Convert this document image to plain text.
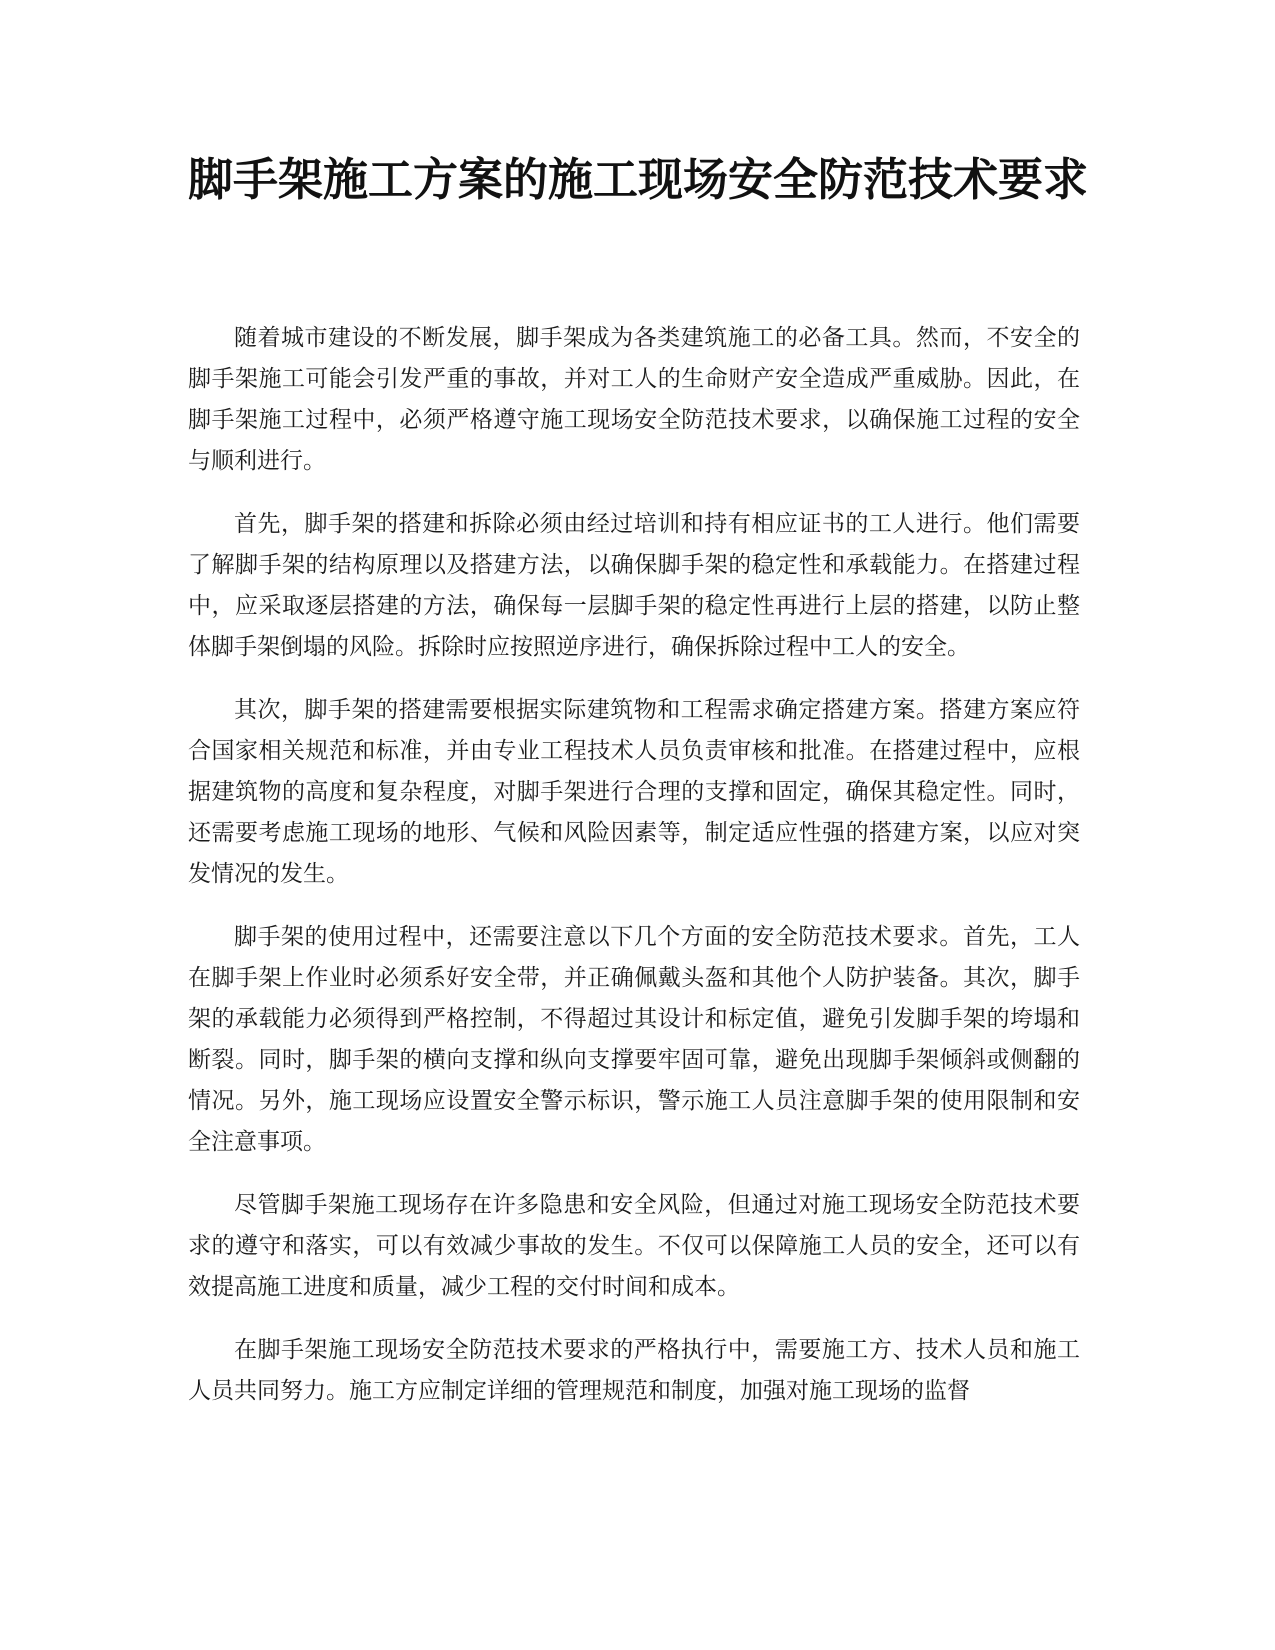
脚手架施工方案的施工现场安全防范技术要求

随着城市建设的不断发展，脚手架成为各类建筑施工的必备工具。然而，不安全的脚手架施工可能会引发严重的事故，并对工人的生命财产安全造成严重威胁。因此，在脚手架施工过程中，必须严格遵守施工现场安全防范技术要求，以确保施工过程的安全与顺利进行。

首先，脚手架的搭建和拆除必须由经过培训和持有相应证书的工人进行。他们需要了解脚手架的结构原理以及搭建方法，以确保脚手架的稳定性和承载能力。在搭建过程中，应采取逐层搭建的方法，确保每一层脚手架的稳定性再进行上层的搭建，以防止整体脚手架倒塌的风险。拆除时应按照逆序进行，确保拆除过程中工人的安全。

其次，脚手架的搭建需要根据实际建筑物和工程需求确定搭建方案。搭建方案应符合国家相关规范和标准，并由专业工程技术人员负责审核和批准。在搭建过程中，应根据建筑物的高度和复杂程度，对脚手架进行合理的支撑和固定，确保其稳定性。同时，还需要考虑施工现场的地形、气候和风险因素等，制定适应性强的搭建方案，以应对突发情况的发生。

脚手架的使用过程中，还需要注意以下几个方面的安全防范技术要求。首先，工人在脚手架上作业时必须系好安全带，并正确佩戴头盔和其他个人防护装备。其次，脚手架的承载能力必须得到严格控制，不得超过其设计和标定值，避免引发脚手架的垮塌和断裂。同时，脚手架的横向支撑和纵向支撑要牢固可靠，避免出现脚手架倾斜或侧翻的情况。另外，施工现场应设置安全警示标识，警示施工人员注意脚手架的使用限制和安全注意事项。

尽管脚手架施工现场存在许多隐患和安全风险，但通过对施工现场安全防范技术要求的遵守和落实，可以有效减少事故的发生。不仅可以保障施工人员的安全，还可以有效提高施工进度和质量，减少工程的交付时间和成本。

在脚手架施工现场安全防范技术要求的严格执行中，需要施工方、技术人员和施工人员共同努力。施工方应制定详细的管理规范和制度，加强对施工现场的监督
